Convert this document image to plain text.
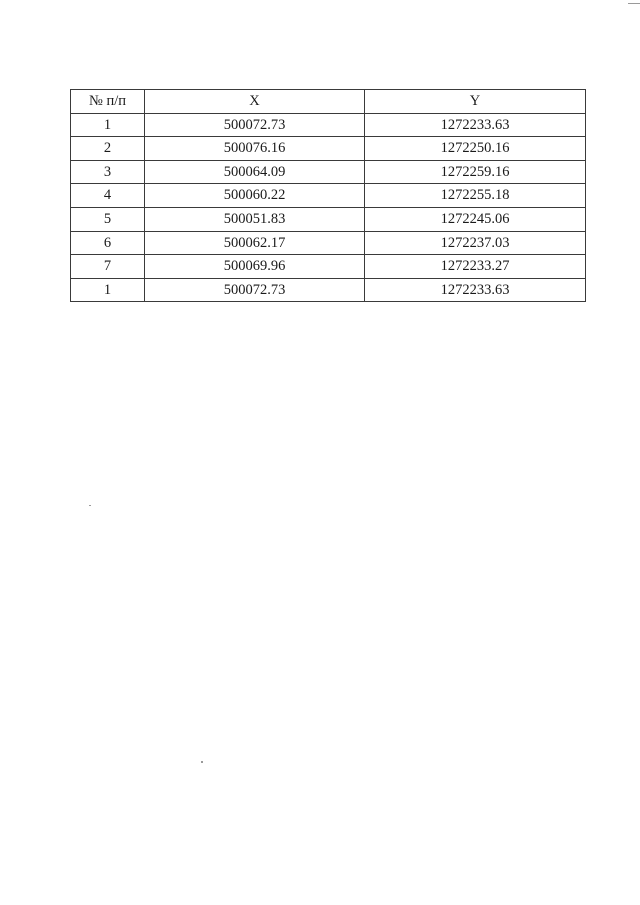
№ п/п	X	Y
1	500072.73	1272233.63
2	500076.16	1272250.16
3	500064.09	1272259.16
4	500060.22	1272255.18
5	500051.83	1272245.06
6	500062.17	1272237.03
7	500069.96	1272233.27
1	500072.73	1272233.63
